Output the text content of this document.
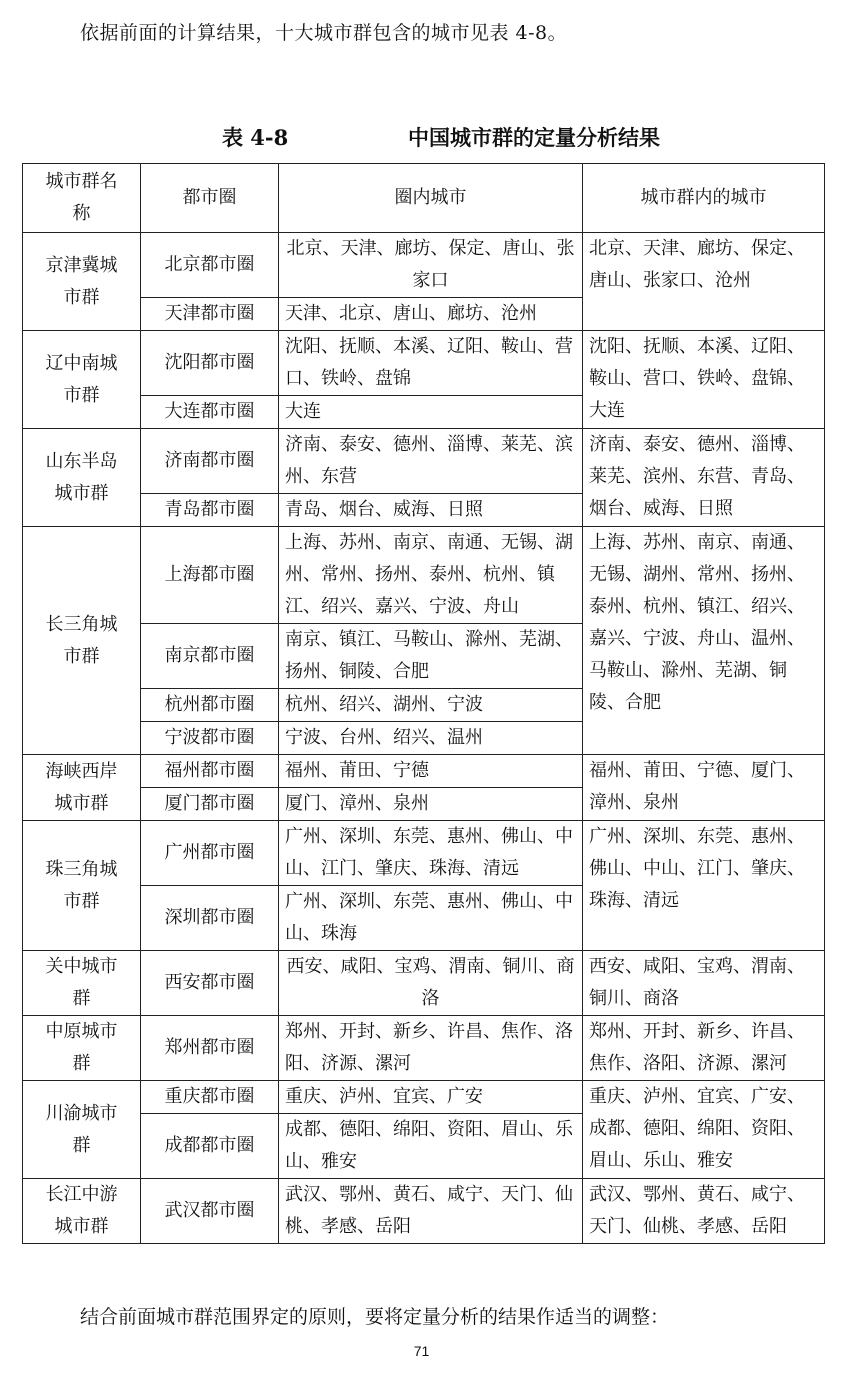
依据前面的计算结果，十大城市群包含的城市见表 4-8。
表 4-8	中国城市群的定量分析结果
城市群名称	都市圈	圈内城市	城市群内的城市
京津冀城市群	北京都市圈	北京、天津、廊坊、保定、唐山、张家口	北京、天津、廊坊、保定、唐山、张家口、沧州
	天津都市圈	天津、北京、唐山、廊坊、沧州	
辽中南城市群	沈阳都市圈	沈阳、抚顺、本溪、辽阳、鞍山、营口、铁岭、盘锦	沈阳、抚顺、本溪、辽阳、鞍山、营口、铁岭、盘锦、大连
	大连都市圈	大连	
山东半岛城市群	济南都市圈	济南、泰安、德州、淄博、莱芜、滨州、东营	济南、泰安、德州、淄博、莱芜、滨州、东营、青岛、烟台、威海、日照
	青岛都市圈	青岛、烟台、威海、日照	
长三角城市群	上海都市圈	上海、苏州、南京、南通、无锡、湖州、常州、扬州、泰州、杭州、镇江、绍兴、嘉兴、宁波、舟山	上海、苏州、南京、南通、无锡、湖州、常州、扬州、泰州、杭州、镇江、绍兴、嘉兴、宁波、舟山、温州、马鞍山、滁州、芜湖、铜陵、合肥
	南京都市圈	南京、镇江、马鞍山、滁州、芜湖、扬州、铜陵、合肥	
	杭州都市圈	杭州、绍兴、湖州、宁波	
	宁波都市圈	宁波、台州、绍兴、温州	
海峡西岸城市群	福州都市圈	福州、莆田、宁德	福州、莆田、宁德、厦门、漳州、泉州
	厦门都市圈	厦门、漳州、泉州	
珠三角城市群	广州都市圈	广州、深圳、东莞、惠州、佛山、中山、江门、肇庆、珠海、清远	广州、深圳、东莞、惠州、佛山、中山、江门、肇庆、珠海、清远
	深圳都市圈	广州、深圳、东莞、惠州、佛山、中山、珠海	
关中城市群	西安都市圈	西安、咸阳、宝鸡、渭南、铜川、商洛	西安、咸阳、宝鸡、渭南、铜川、商洛
中原城市群	郑州都市圈	郑州、开封、新乡、许昌、焦作、洛阳、济源、漯河	郑州、开封、新乡、许昌、焦作、洛阳、济源、漯河
川渝城市群	重庆都市圈	重庆、泸州、宜宾、广安	重庆、泸州、宜宾、广安、成都、德阳、绵阳、资阳、眉山、乐山、雅安
	成都都市圈	成都、德阳、绵阳、资阳、眉山、乐山、雅安	
长江中游城市群	武汉都市圈	武汉、鄂州、黄石、咸宁、天门、仙桃、孝感、岳阳	武汉、鄂州、黄石、咸宁、天门、仙桃、孝感、岳阳
结合前面城市群范围界定的原则，要将定量分析的结果作适当的调整：
71
